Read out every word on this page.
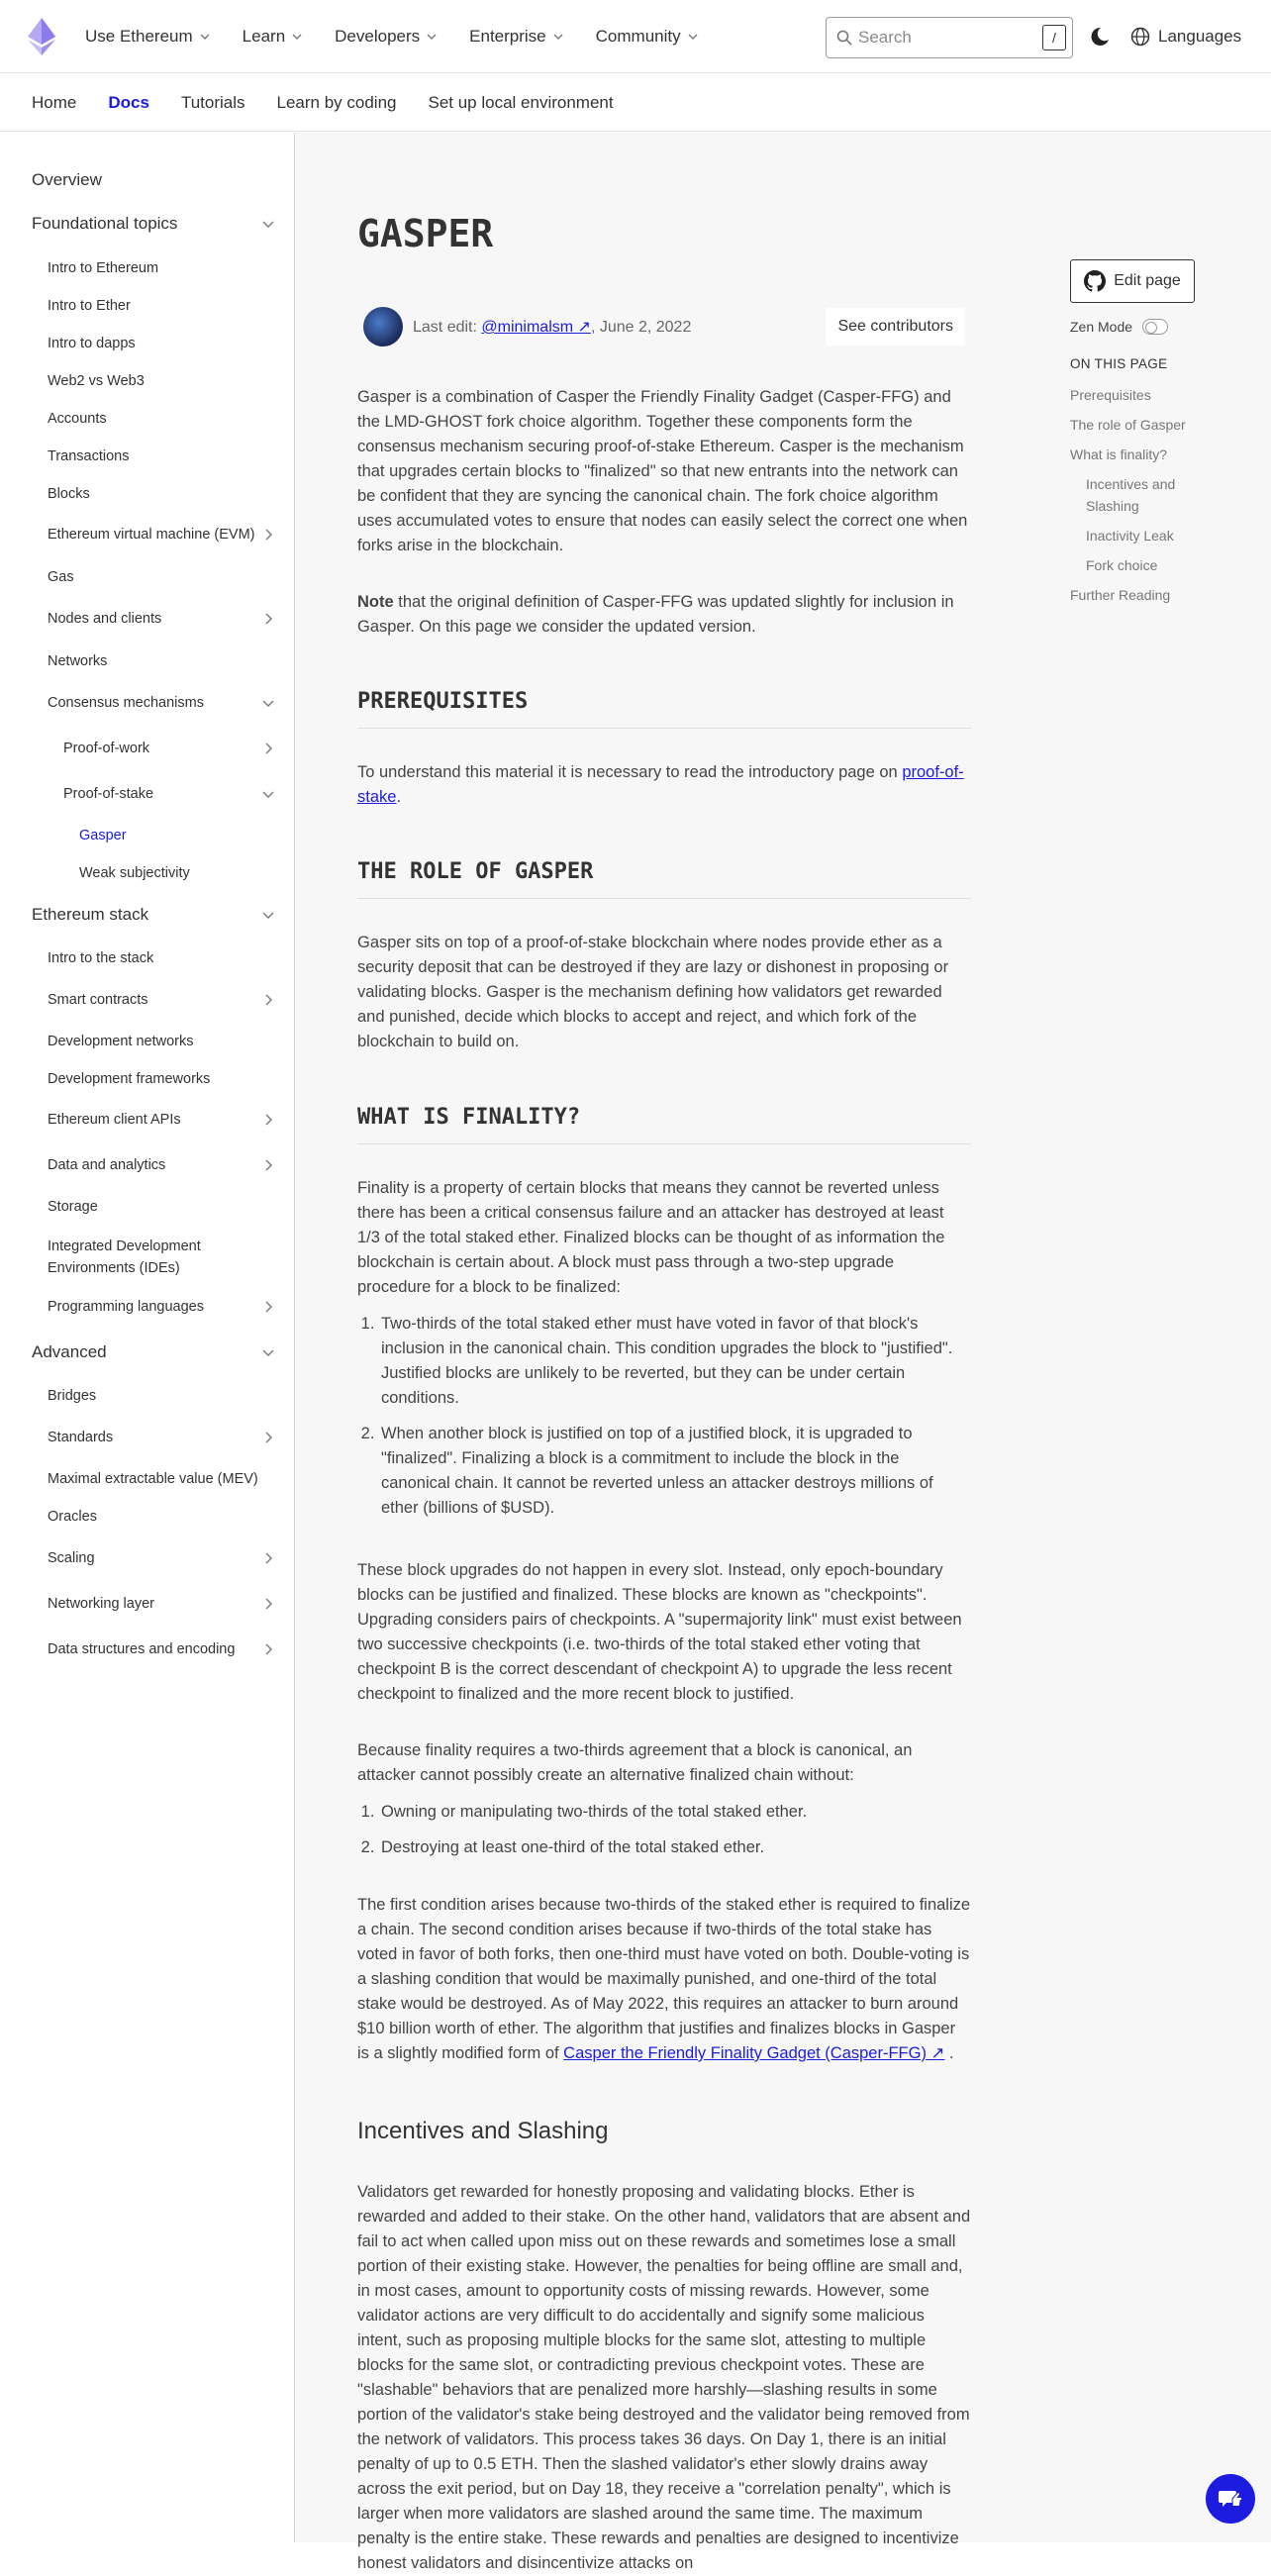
Use Ethereum	Learn	Developers	Enterprise	Community
Search	/	Languages
Home Docs Tutorials Learn by coding Set up local environment
Overview
Foundational topics
Intro to Ethereum
Intro to Ether
Intro to dapps
Web2 vs Web3
Accounts
Transactions
Blocks
Ethereum virtual machine (EVM)
Gas
Nodes and clients
Networks
Consensus mechanisms
Proof-of-work
Proof-of-stake
Gasper
Weak subjectivity
Ethereum stack
Intro to the stack
Smart contracts
Development networks
Development frameworks
Ethereum client APIs
Data and analytics
Storage
Integrated Development
Environments (IDEs)
Programming languages
Advanced
Bridges
Standards
Maximal extractable value (MEV)
Oracles
Scaling
Networking layer
Data structures and encoding
GASPER
Last edit: @minimalsm ↗, June 2, 2022	See contributors

Gasper is a combination of Casper the Friendly Finality Gadget (Casper-FFG) and the LMD-GHOST fork choice algorithm. Together these components form the consensus mechanism securing proof-of-stake Ethereum. Casper is the mechanism that upgrades certain blocks to "finalized" so that new entrants into the network can be confident that they are syncing the canonical chain. The fork choice algorithm uses accumulated votes to ensure that nodes can easily select the correct one when forks arise in the blockchain.

Note that the original definition of Casper-FFG was updated slightly for inclusion in Gasper. On this page we consider the updated version.

PREREQUISITES

To understand this material it is necessary to read the introductory page on proof-of-stake.

THE ROLE OF GASPER

Gasper sits on top of a proof-of-stake blockchain where nodes provide ether as a security deposit that can be destroyed if they are lazy or dishonest in proposing or validating blocks. Gasper is the mechanism defining how validators get rewarded and punished, decide which blocks to accept and reject, and which fork of the blockchain to build on.

WHAT IS FINALITY?

Finality is a property of certain blocks that means they cannot be reverted unless there has been a critical consensus failure and an attacker has destroyed at least 1/3 of the total staked ether. Finalized blocks can be thought of as information the blockchain is certain about. A block must pass through a two-step upgrade procedure for a block to be finalized:

1. Two-thirds of the total staked ether must have voted in favor of that block's inclusion in the canonical chain. This condition upgrades the block to "justified". Justified blocks are unlikely to be reverted, but they can be under certain conditions.
2. When another block is justified on top of a justified block, it is upgraded to "finalized". Finalizing a block is a commitment to include the block in the canonical chain. It cannot be reverted unless an attacker destroys millions of ether (billions of $USD).

These block upgrades do not happen in every slot. Instead, only epoch-boundary blocks can be justified and finalized. These blocks are known as "checkpoints". Upgrading considers pairs of checkpoints. A "supermajority link" must exist between two successive checkpoints (i.e. two-thirds of the total staked ether voting that checkpoint B is the correct descendant of checkpoint A) to upgrade the less recent checkpoint to finalized and the more recent block to justified.

Because finality requires a two-thirds agreement that a block is canonical, an attacker cannot possibly create an alternative finalized chain without:

1. Owning or manipulating two-thirds of the total staked ether.
2. Destroying at least one-third of the total staked ether.

The first condition arises because two-thirds of the staked ether is required to finalize a chain. The second condition arises because if two-thirds of the total stake has voted in favor of both forks, then one-third must have voted on both. Double-voting is a slashing condition that would be maximally punished, and one-third of the total stake would be destroyed. As of May 2022, this requires an attacker to burn around $10 billion worth of ether. The algorithm that justifies and finalizes blocks in Gasper is a slightly modified form of Casper the Friendly Finality Gadget (Casper-FFG) ↗ .

Incentives and Slashing

Validators get rewarded for honestly proposing and validating blocks. Ether is rewarded and added to their stake. On the other hand, validators that are absent and fail to act when called upon miss out on these rewards and sometimes lose a small portion of their existing stake. However, the penalties for being offline are small and, in most cases, amount to opportunity costs of missing rewards. However, some validator actions are very difficult to do accidentally and signify some malicious intent, such as proposing multiple blocks for the same slot, attesting to multiple blocks for the same slot, or contradicting previous checkpoint votes. These are "slashable" behaviors that are penalized more harshly—slashing results in some portion of the validator's stake being destroyed and the validator being removed from the network of validators. This process takes 36 days. On Day 1, there is an initial penalty of up to 0.5 ETH. Then the slashed validator's ether slowly drains away across the exit period, but on Day 18, they receive a "correlation penalty", which is larger when more validators are slashed around the same time. The maximum penalty is the entire stake. These rewards and penalties are designed to incentivize honest validators and disincentivize attacks on

Edit page
Zen Mode
ON THIS PAGE
Prerequisites
The role of Gasper
What is finality?
Incentives and
Slashing
Inactivity Leak
Fork choice
Further Reading
